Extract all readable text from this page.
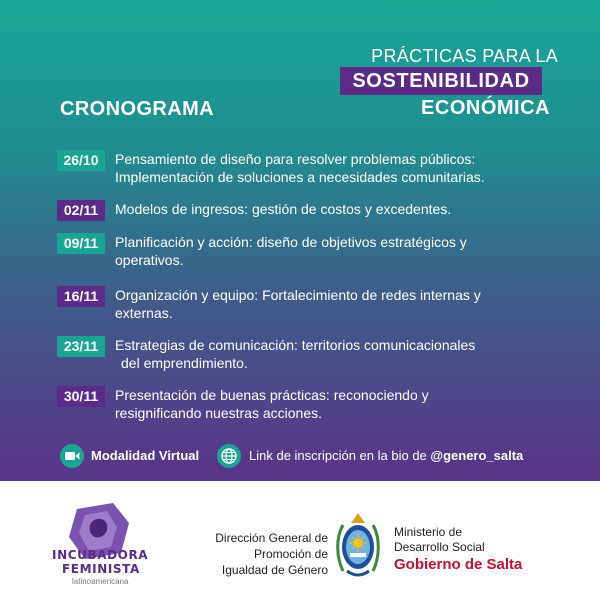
PRÁCTICAS PARA LA
SOSTENIBILIDAD
ECONÓMICA
CRONOGRAMA
26/10	Pensamiento de diseño para resolver problemas públicos:
Implementación de soluciones a necesidades comunitarias.
02/11	Modelos de ingresos: gestión de costos y excedentes.
09/11	Planificación y acción: diseño de objetivos estratégicos y
operativos.
16/11	Organización y equipo: Fortalecimiento de redes internas y
externas.
23/11	Estrategias de comunicación: territorios comunicacionales
del emprendimiento.
30/11	Presentación de buenas prácticas: reconociendo y
resignificando nuestras acciones.
Modalidad Virtual	Link de inscripción en la bio de @genero_salta
INCUBADORA
FEMINISTA
latinoamericana
Dirección General de
Promoción de
Igualdad de Género
Ministerio de
Desarrollo Social
Gobierno de Salta
